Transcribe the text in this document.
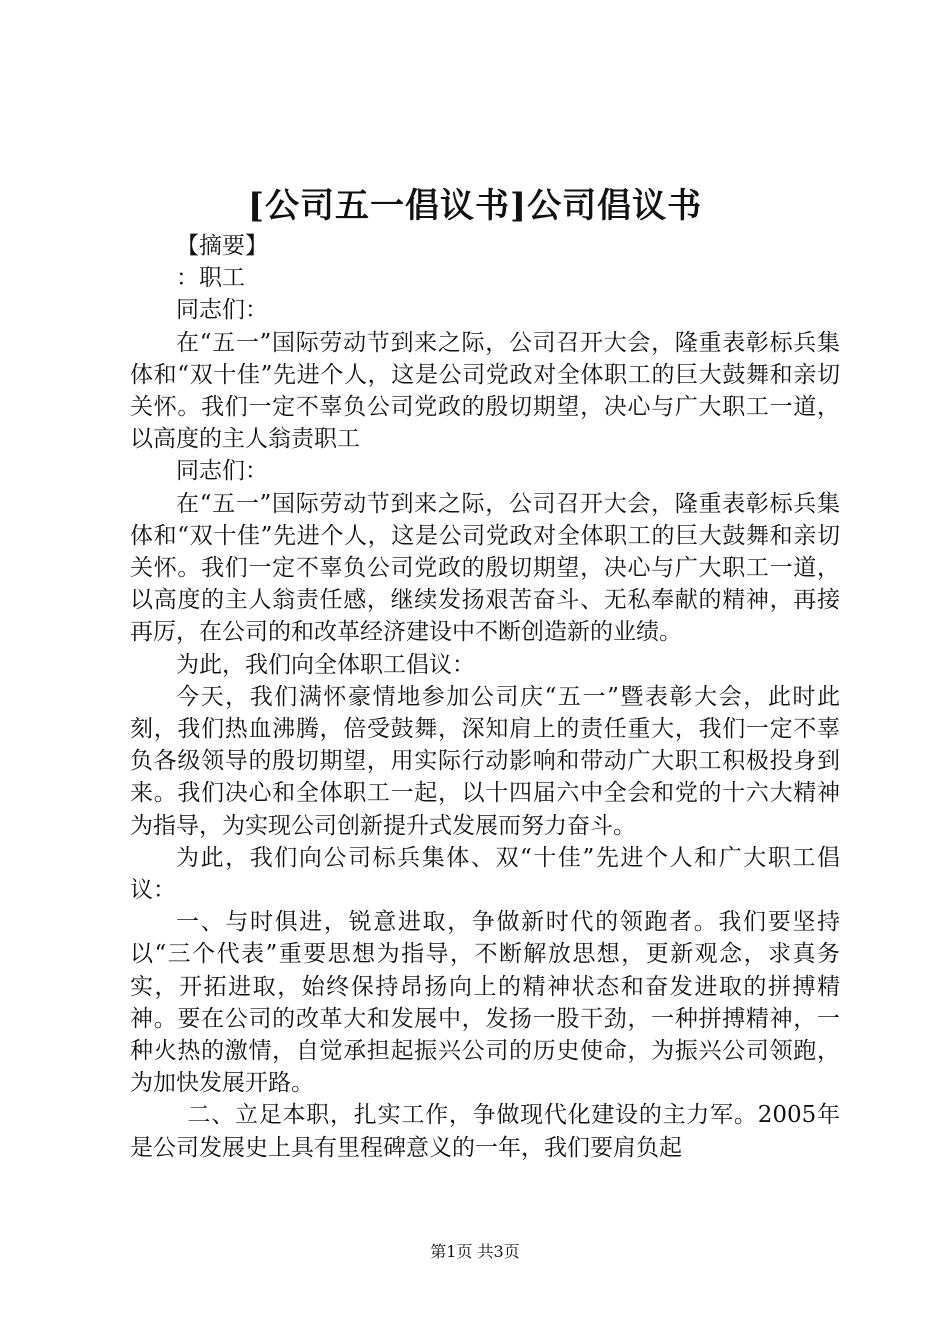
[公司五一倡议书]公司倡议书

【摘要】

：职工

同志们：

在“五一”国际劳动节到来之际，公司召开大会，隆重表彰标兵集体和“双十佳”先进个人，这是公司党政对全体职工的巨大鼓舞和亲切关怀。我们一定不辜负公司党政的殷切期望，决心与广大职工一道，以高度的主人翁责职工

同志们：

在“五一”国际劳动节到来之际，公司召开大会，隆重表彰标兵集体和“双十佳”先进个人，这是公司党政对全体职工的巨大鼓舞和亲切关怀。我们一定不辜负公司党政的殷切期望，决心与广大职工一道，以高度的主人翁责任感，继续发扬艰苦奋斗、无私奉献的精神，再接再厉，在公司的和改革经济建设中不断创造新的业绩。

为此，我们向全体职工倡议：

今天，我们满怀豪情地参加公司庆“五一”暨表彰大会，此时此刻，我们热血沸腾，倍受鼓舞，深知肩上的责任重大，我们一定不辜负各级领导的殷切期望，用实际行动影响和带动广大职工积极投身到来。我们决心和全体职工一起，以十四届六中全会和党的十六大精神为指导，为实现公司创新提升式发展而努力奋斗。

为此，我们向公司标兵集体、双“十佳”先进个人和广大职工倡议：

一、与时俱进，锐意进取，争做新时代的领跑者。我们要坚持以“三个代表”重要思想为指导，不断解放思想，更新观念，求真务实，开拓进取，始终保持昂扬向上的精神状态和奋发进取的拼搏精神。要在公司的改革大和发展中，发扬一股干劲，一种拼搏精神，一种火热的激情，自觉承担起振兴公司的历史使命，为振兴公司领跑，为加快发展开路。

二、立足本职，扎实工作，争做现代化建设的主力军。2005年是公司发展史上具有里程碑意义的一年，我们要肩负起

第1页 共3页
